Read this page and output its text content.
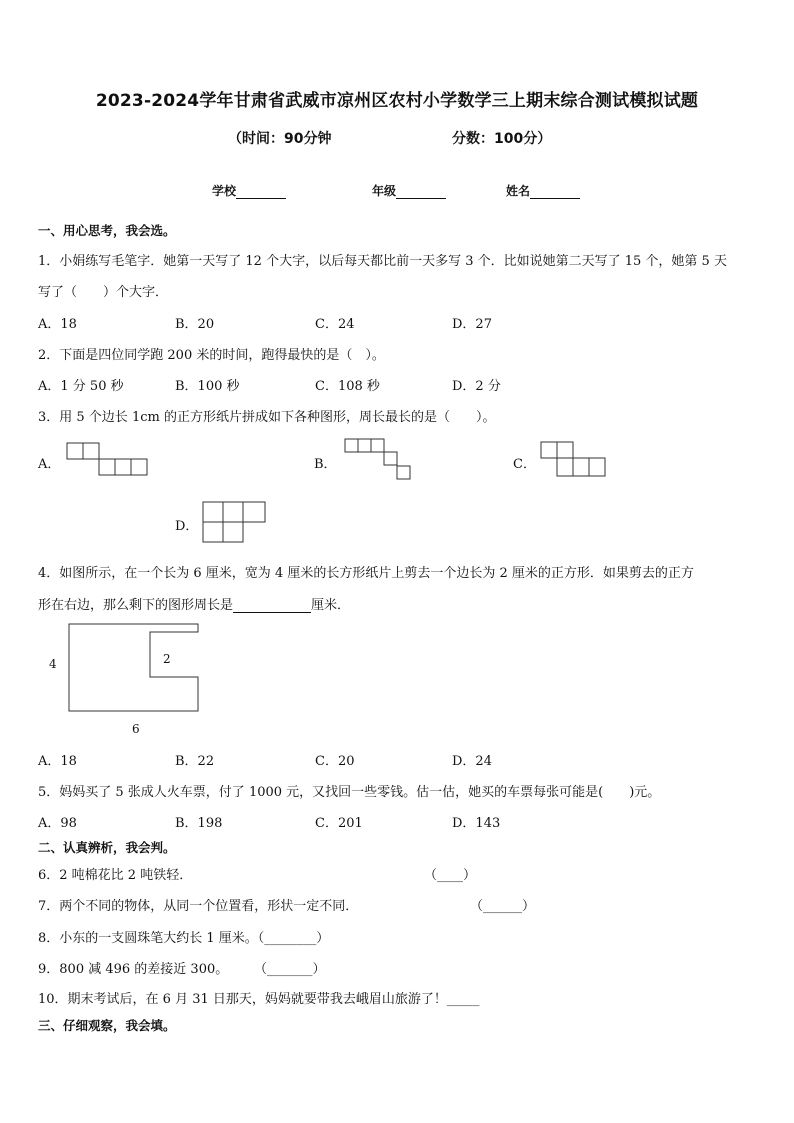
2023-2024学年甘肃省武威市凉州区农村小学数学三上期末综合测试模拟试题
（时间：90分钟	分数：100分）
学校	年级	姓名
一、用心思考，我会选。
1．小娟练写毛笔字．她第一天写了 12 个大字，以后每天都比前一天多写 3 个．比如说她第二天写了 15 个，她第 5 天
写了（　　）个大字．
A．18	B．20	C．24	D．27
2．下面是四位同学跑 200 米的时间，跑得最快的是（　）。
A．1 分 50 秒	B．100 秒	C．108 秒	D．2 分
3．用 5 个边长 1cm 的正方形纸片拼成如下各种图形，周长最长的是（　　）。
A．	B．	C．
D．
4．如图所示，在一个长为 6 厘米，宽为 4 厘米的长方形纸片上剪去一个边长为 2 厘米的正方形．如果剪去的正方
形在右边，那么剩下的图形周长是	厘米．
4	2
6
A．18	B．22	C．20	D．24
5．妈妈买了 5 张成人火车票，付了 1000 元，又找回一些零钱。估一估，她买的车票每张可能是(　　)元。
A．98	B．198	C．201	D．143
二、认真辨析，我会判。
6．2 吨棉花比 2 吨铁轻．	（____）
7．两个不同的物体，从同一个位置看，形状一定不同．	（______）
8．小东的一支圆珠笔大约长 1 厘米。（________）
9．800 减 496 的差接近 300。 （_______）
10．期末考试后，在 6 月 31 日那天，妈妈就要带我去峨眉山旅游了！_____
三、仔细观察，我会填。
